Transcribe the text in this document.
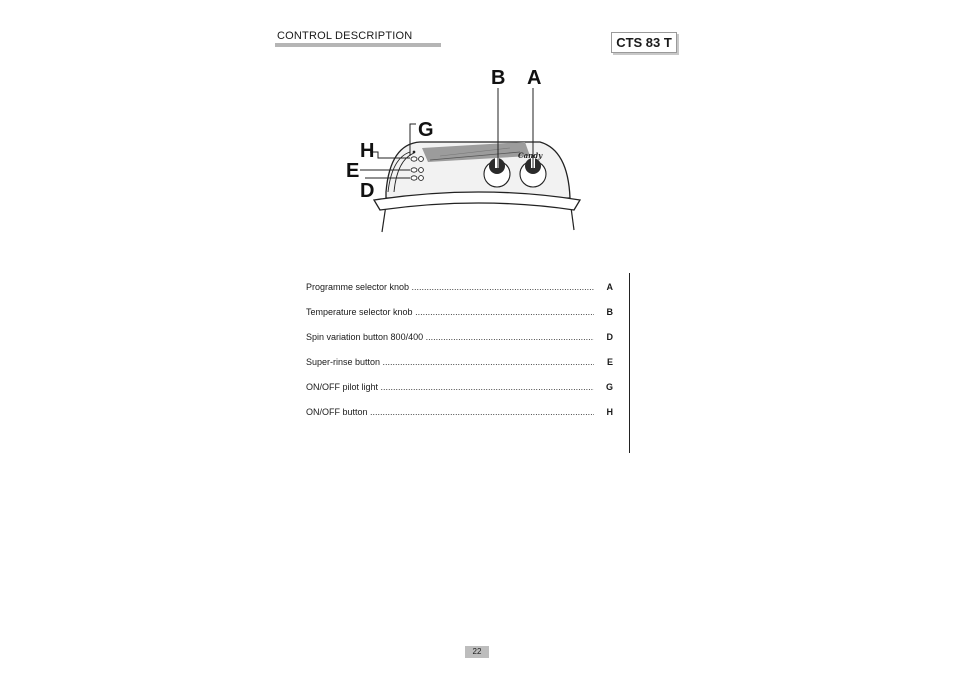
CONTROL DESCRIPTION	CTS 83 T
Candy
A
B
G
H
E
D
Programme selector knob .....	A
Temperature selector knob .....	B
Spin variation button 800/400 .....	D
Super-rinse button .....	E
ON/OFF pilot light .....	G
ON/OFF button .....	H
22
